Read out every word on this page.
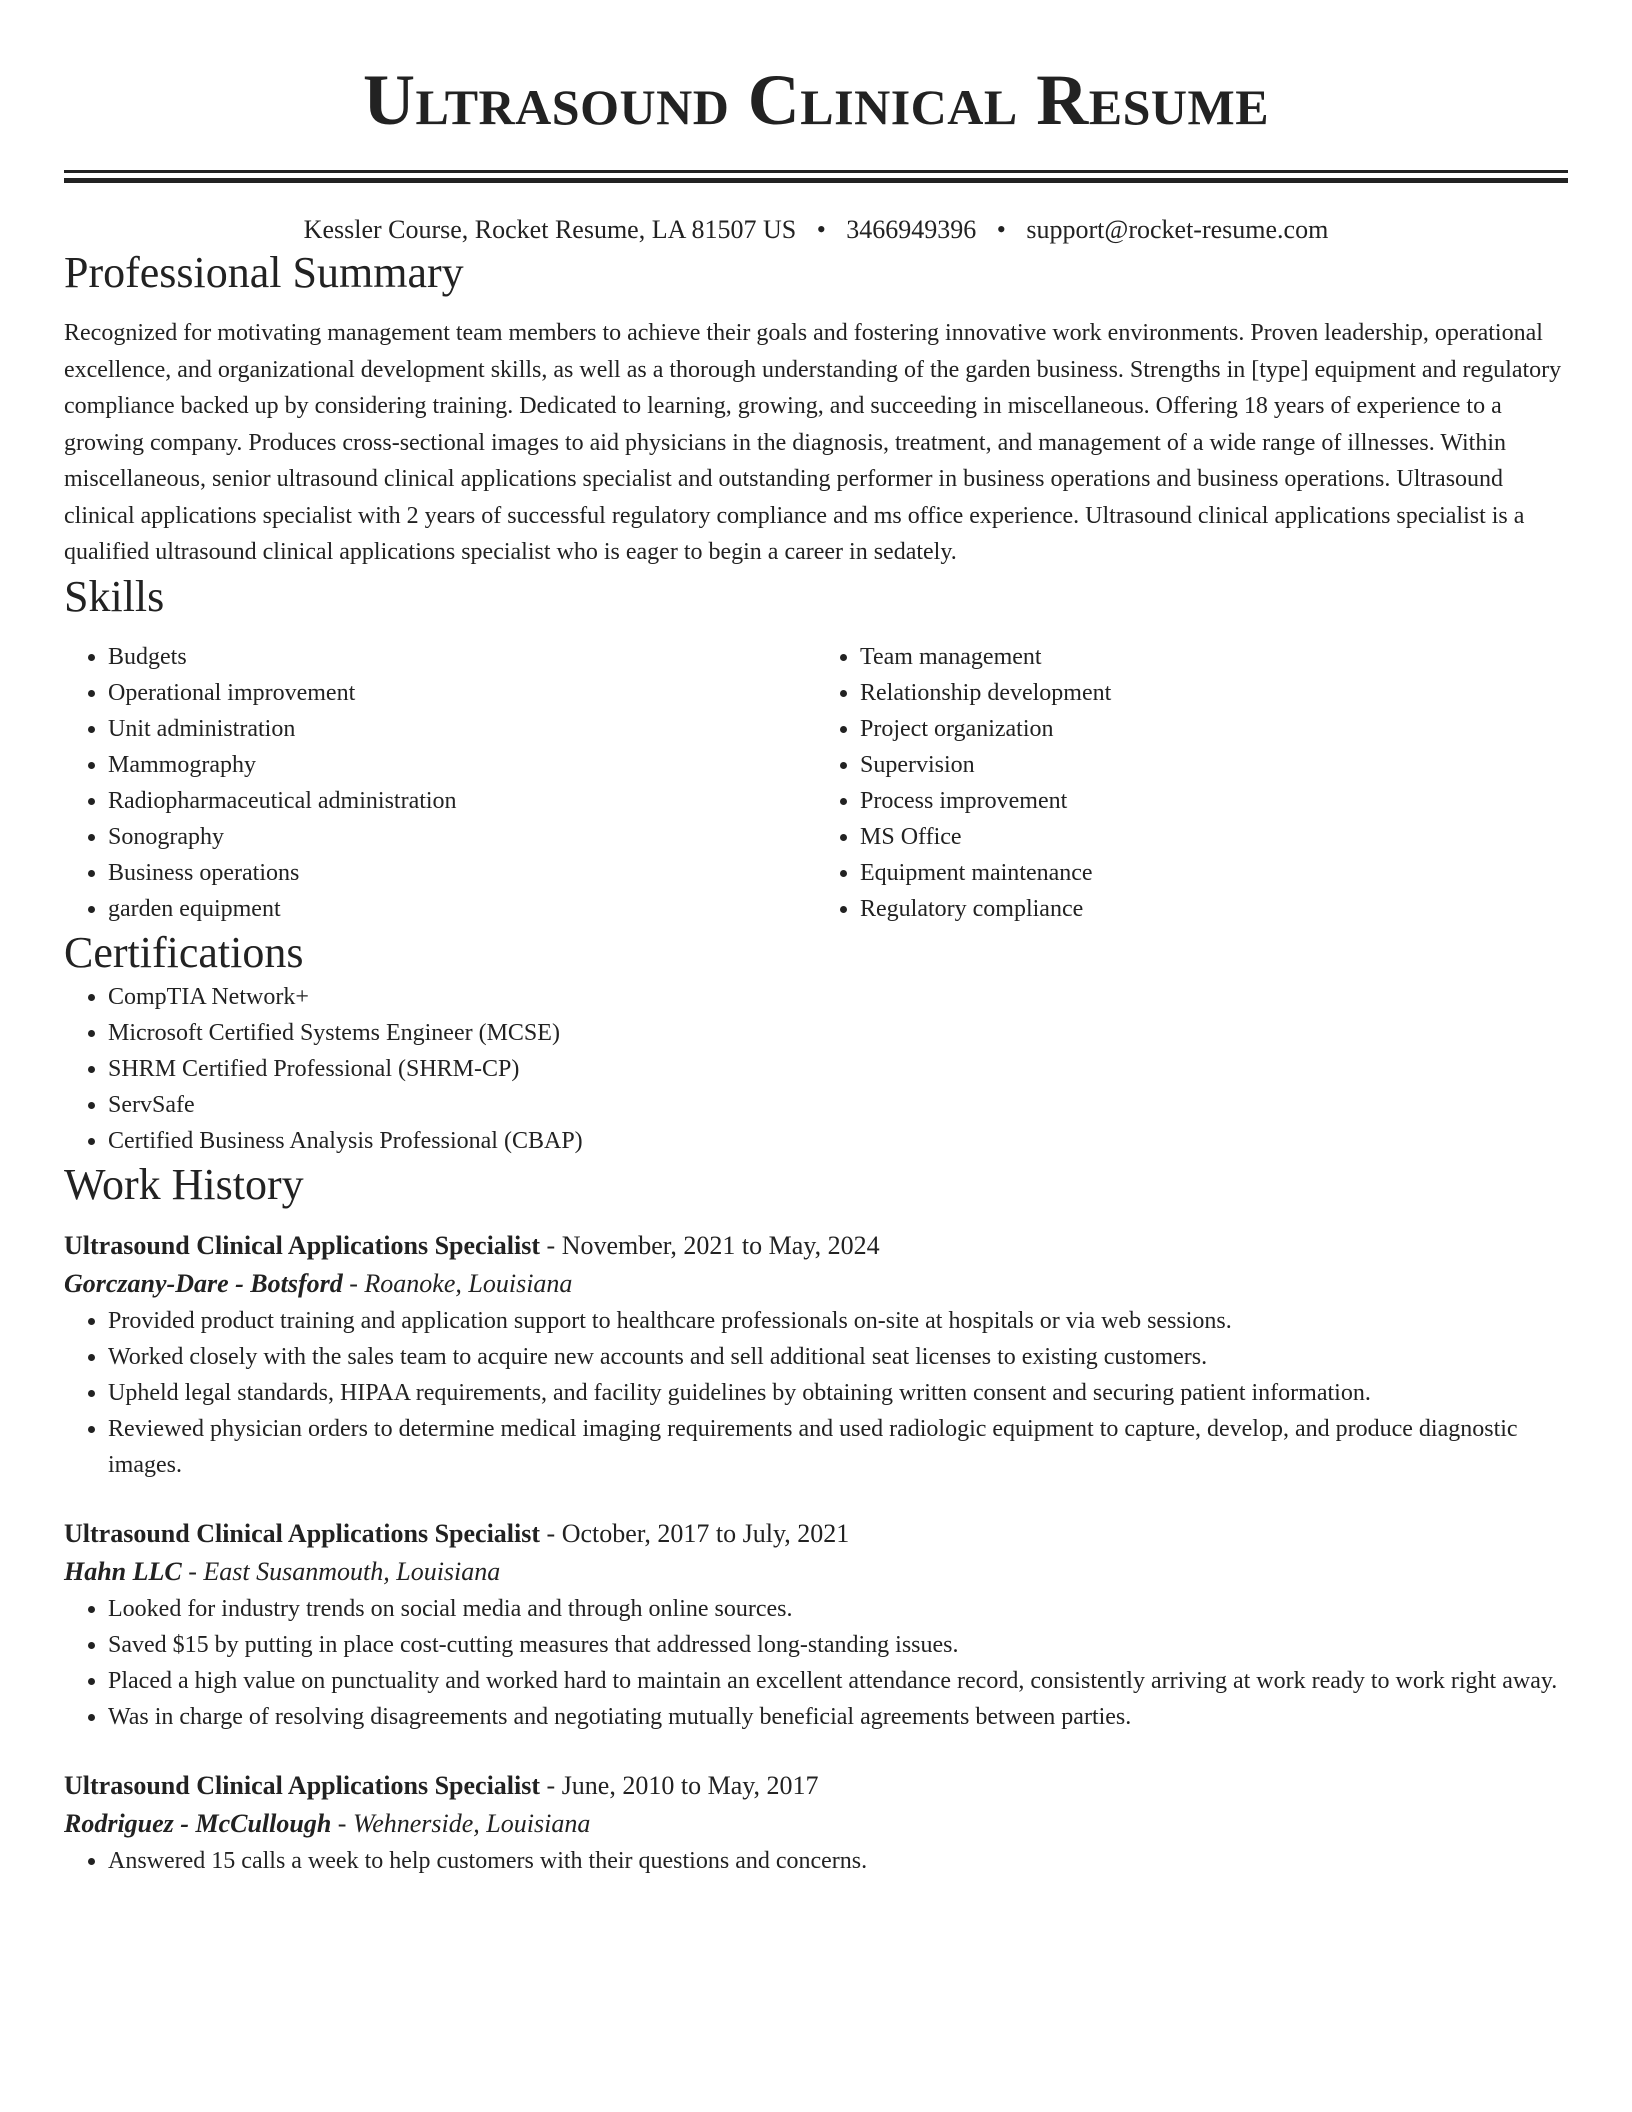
Ultrasound Clinical Resume
Kessler Course, Rocket Resume, LA 81507 US • 3466949396 • support@rocket-resume.com
Professional Summary

Recognized for motivating management team members to achieve their goals and fostering innovative work environments. Proven leadership, operational excellence, and organizational development skills, as well as a thorough understanding of the garden business. Strengths in [type] equipment and regulatory compliance backed up by considering training. Dedicated to learning, growing, and succeeding in miscellaneous. Offering 18 years of experience to a growing company. Produces cross-sectional images to aid physicians in the diagnosis, treatment, and management of a wide range of illnesses. Within miscellaneous, senior ultrasound clinical applications specialist and outstanding performer in business operations and business operations. Ultrasound clinical applications specialist with 2 years of successful regulatory compliance and ms office experience. Ultrasound clinical applications specialist is a qualified ultrasound clinical applications specialist who is eager to begin a career in sedately.

Skills
• Budgets
• Operational improvement
• Unit administration
• Mammography
• Radiopharmaceutical administration
• Sonography
• Business operations
• garden equipment
• Team management
• Relationship development
• Project organization
• Supervision
• Process improvement
• MS Office
• Equipment maintenance
• Regulatory compliance
Certifications
• CompTIA Network+
• Microsoft Certified Systems Engineer (MCSE)
• SHRM Certified Professional (SHRM-CP)
• ServSafe
• Certified Business Analysis Professional (CBAP)
Work History
Ultrasound Clinical Applications Specialist - November, 2021 to May, 2024
Gorczany-Dare - Botsford - Roanoke, Louisiana
• Provided product training and application support to healthcare professionals on-site at hospitals or via web sessions.
• Worked closely with the sales team to acquire new accounts and sell additional seat licenses to existing customers.
• Upheld legal standards, HIPAA requirements, and facility guidelines by obtaining written consent and securing patient information.
• Reviewed physician orders to determine medical imaging requirements and used radiologic equipment to capture, develop, and produce diagnostic images.
Ultrasound Clinical Applications Specialist - October, 2017 to July, 2021
Hahn LLC - East Susanmouth, Louisiana
• Looked for industry trends on social media and through online sources.
• Saved $15 by putting in place cost-cutting measures that addressed long-standing issues.
• Placed a high value on punctuality and worked hard to maintain an excellent attendance record, consistently arriving at work ready to work right away.
• Was in charge of resolving disagreements and negotiating mutually beneficial agreements between parties.
Ultrasound Clinical Applications Specialist - June, 2010 to May, 2017
Rodriguez - McCullough - Wehnerside, Louisiana
• Answered 15 calls a week to help customers with their questions and concerns.
